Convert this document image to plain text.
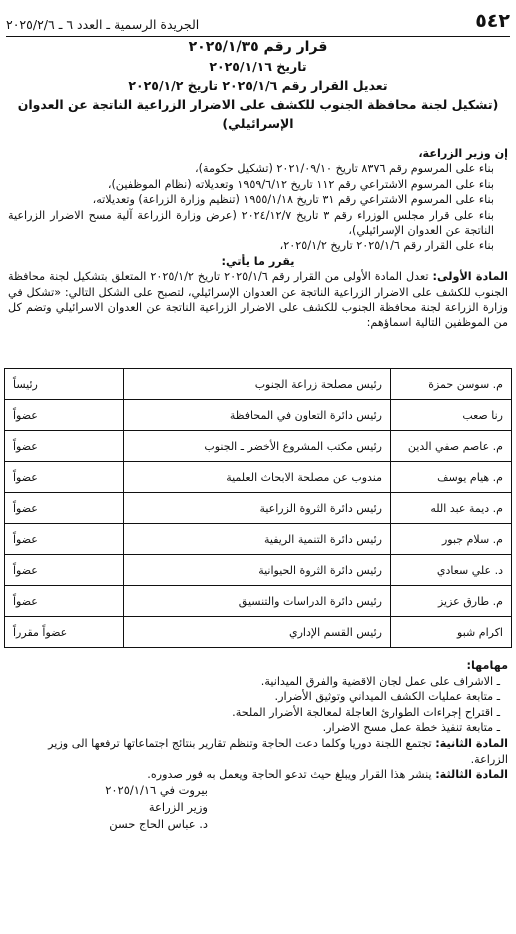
٥٤٢
الجريدة الرسمية ـ العدد ٦ ـ ٢٠٢٥/٢/٦
قرار رقم ٢٠٢٥/١/٣٥
تاريخ ٢٠٢٥/١/١٦
تعديل القرار رقم ٢٠٢٥/١/٦ تاريخ ٢٠٢٥/١/٢
(تشكيل لجنة محافظة الجنوب للكشف على الاضرار الزراعية الناتجة عن العدوان الإسرائيلي)

إن وزير الزراعة،

بناء على المرسوم رقم ٨٣٧٦ تاريخ ٢٠٢١/٠٩/١٠ (تشكيل حكومة)،

بناء على المرسوم الاشتراعي رقم ١١٢ تاريخ ١٩٥٩/٦/١٢ وتعديلاته (نظام الموظفين)،

بناء على المرسوم الاشتراعي رقم ٣١ تاريخ ١٩٥٥/١/١٨ (تنظيم وزارة الزراعة) وتعديلاته،

بناء على قرار مجلس الوزراء رقم ٣ تاريخ ٢٠٢٤/١٢/٧ (عرض وزارة الزراعة آلية مسح الاضرار الزراعية الناتجة عن العدوان الإسرائيلي)،

بناء على القرار رقم ٢٠٢٥/١/٦ تاريخ ٢٠٢٥/١/٢،

يقرر ما يأتي:

المادة الأولى: تعدل المادة الأولى من القرار رقم ٢٠٢٥/١/٦ تاريخ ٢٠٢٥/١/٢ المتعلق بتشكيل لجنة محافظة الجنوب للكشف على الاضرار الزراعية الناتجة عن العدوان الإسرائيلي، لتصبح على الشكل التالي: «تشكل في وزارة الزراعة لجنة محافظة الجنوب للكشف على الاضرار الزراعية الناتجة عن العدوان الاسرائيلي وتضم كل من الموظفين التالية اسماؤهم:

م. سوسن حمزة	رئيس مصلحة زراعة الجنوب	رئيساً
رنا صعب	رئيس دائرة التعاون في المحافظة	عضواً
م. عاصم صفي الدين	رئيس مكتب المشروع الأخضر ـ الجنوب	عضواً
م. هيام يوسف	مندوب عن مصلحة الابحاث العلمية	عضواً
م. ديمة عبد الله	رئيس دائرة الثروة الزراعية	عضواً
م. سلام جبور	رئيس دائرة التنمية الريفية	عضواً
د. علي سعادي	رئيس دائرة الثروة الحيوانية	عضواً
م. طارق عزيز	رئيس دائرة الدراسات والتنسيق	عضواً
اكرام شبو	رئيس القسم الإداري	عضواً مقرراً

مهامها:

ـ الاشراف على عمل لجان الاقضية والفرق الميدانية.

ـ متابعة عمليات الكشف الميداني وتوثيق الأضرار.

ـ اقتراح إجراءات الطوارئ العاجلة لمعالجة الأضرار الملحة.

ـ متابعة تنفيذ خطة عمل مسح الاضرار.

المادة الثانية: تجتمع اللجنة دوريا وكلما دعت الحاجة وتنظم تقارير بنتائج اجتماعاتها ترفعها الى وزير الزراعة.

المادة الثالثة: ينشر هذا القرار ويبلغ حيث تدعو الحاجة ويعمل به فور صدوره.

بيروت في ٢٠٢٥/١/١٦
وزير الزراعة
د. عباس الحاج حسن
